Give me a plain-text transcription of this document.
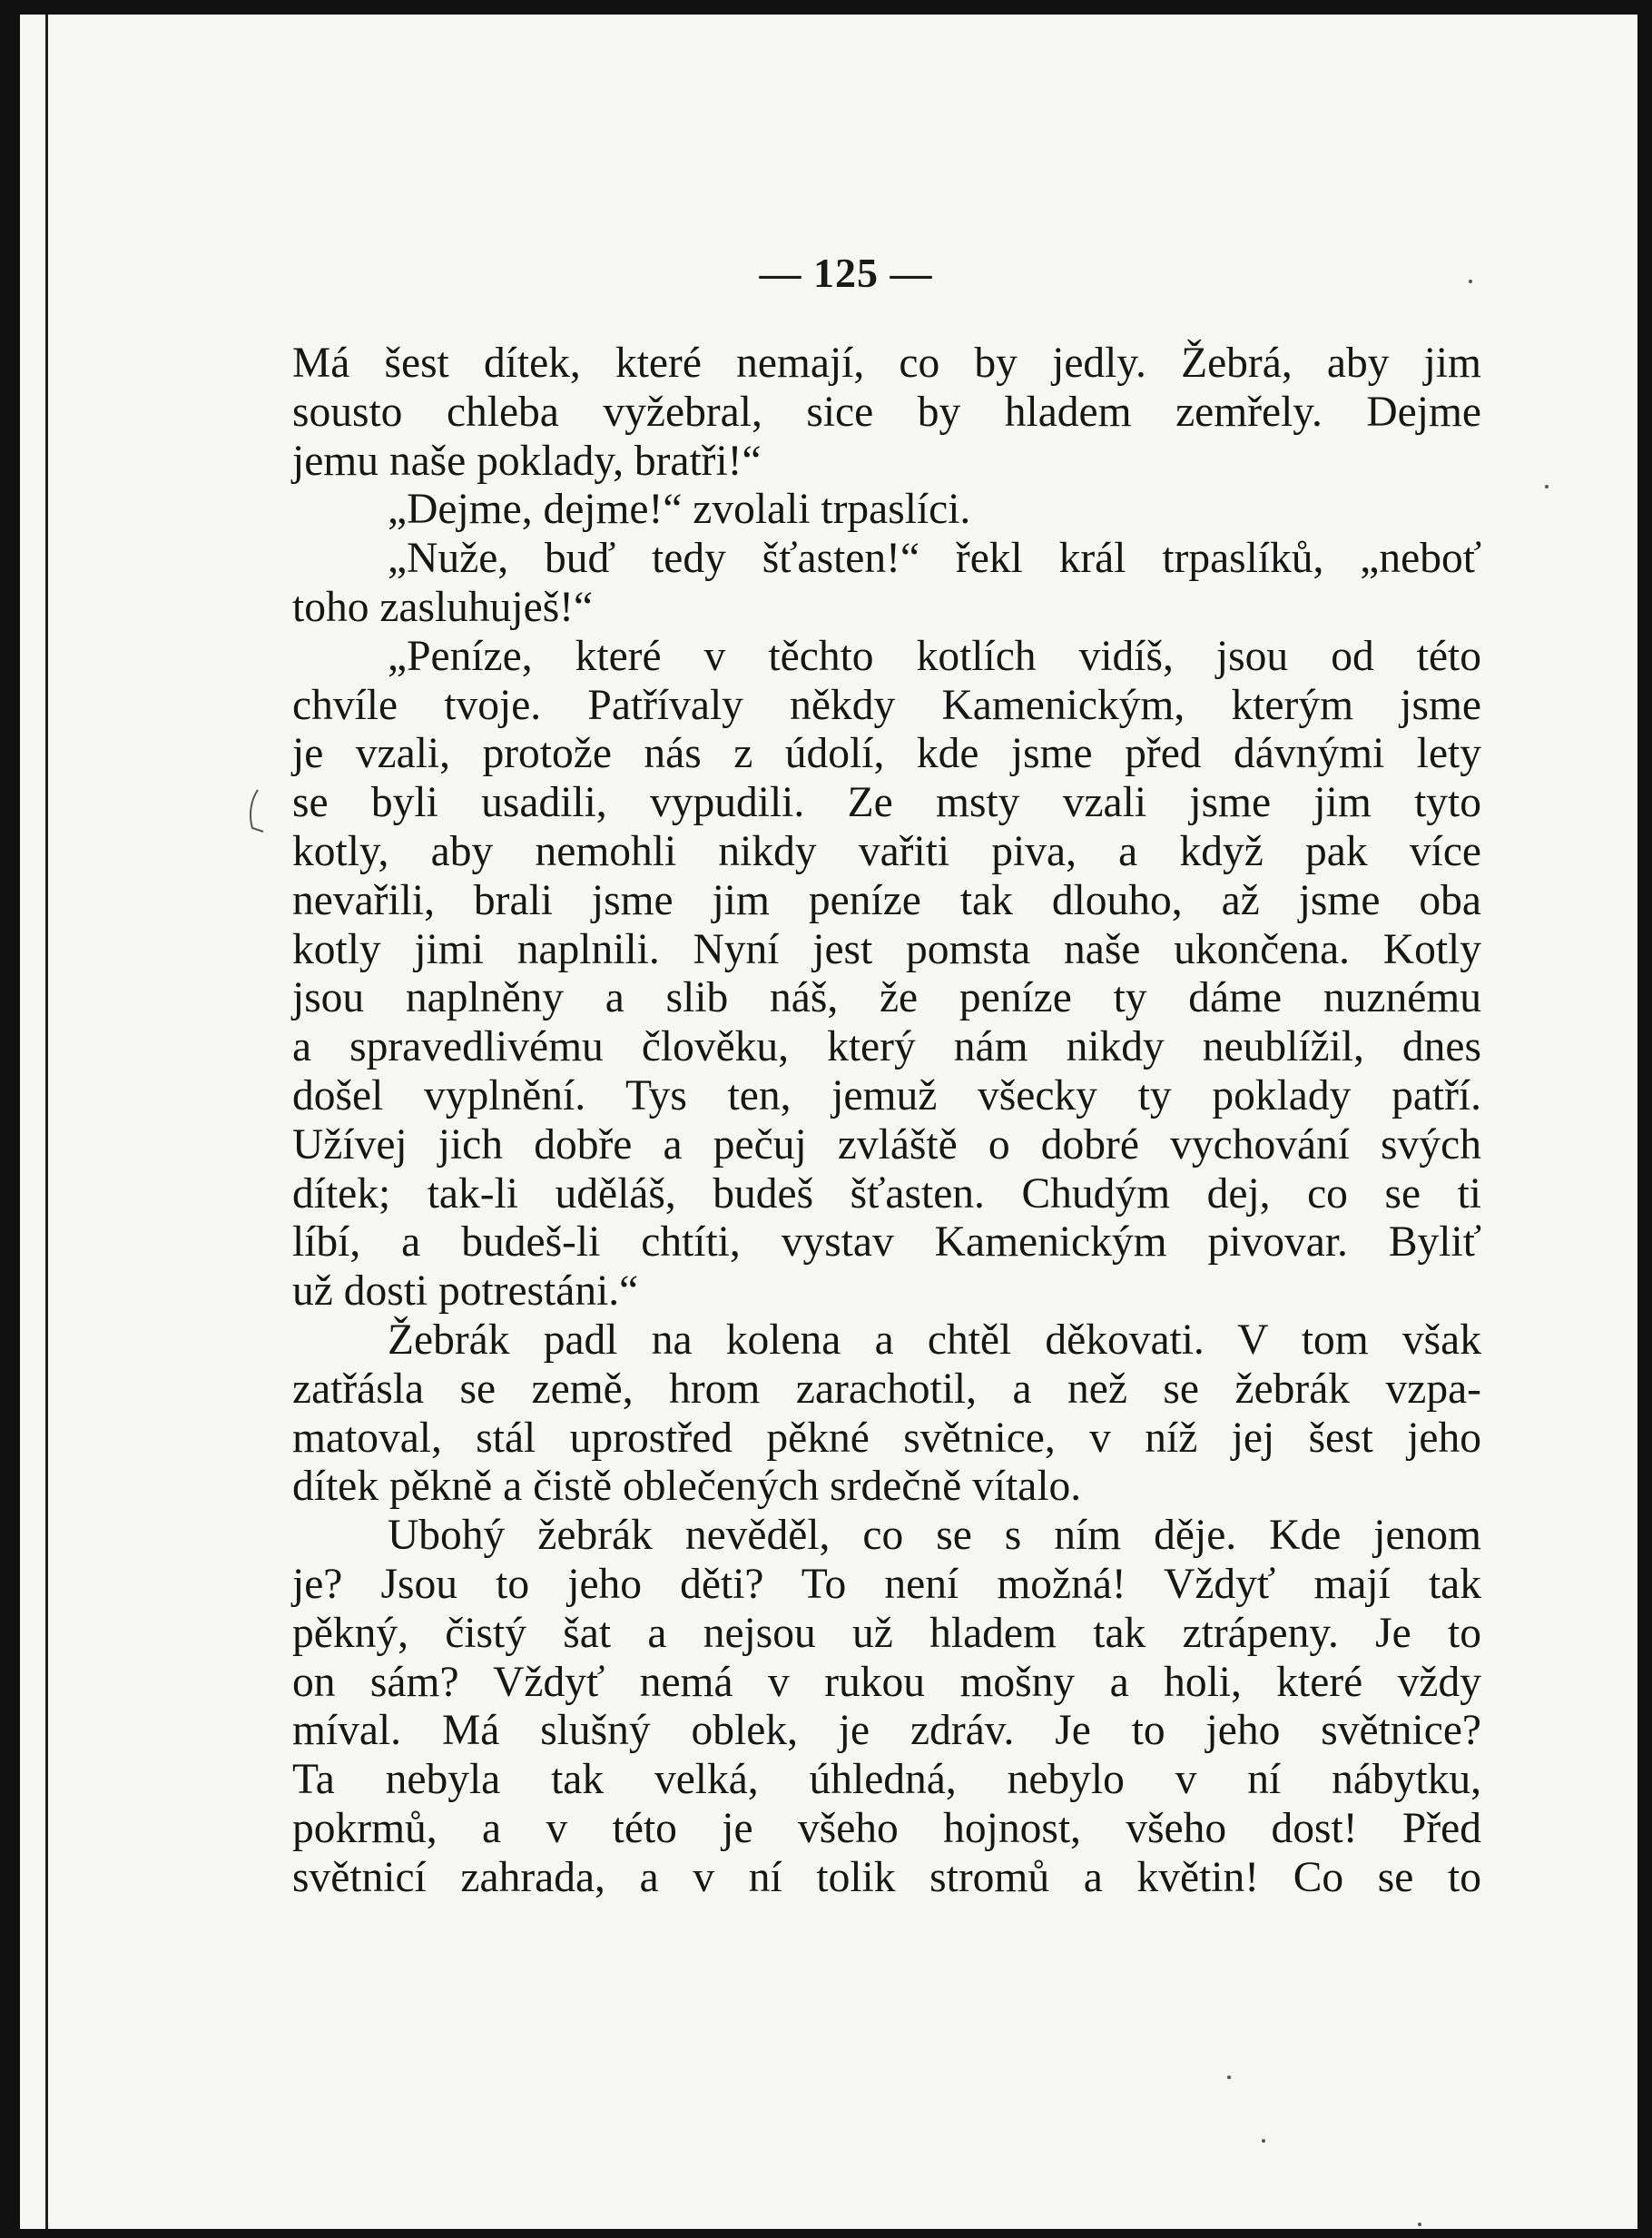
— 125 —
Má šest dítek, které nemají, co by jedly. Žebrá, aby jim
sousto chleba vyžebral, sice by hladem zemřely. Dejme
jemu naše poklady, bratři!“
„Dejme, dejme!“ zvolali trpaslíci.
„Nuže, buď tedy šťasten!“ řekl král trpaslíků, „neboť
toho zasluhuješ!“
„Peníze, které v těchto kotlích vidíš, jsou od této
chvíle tvoje. Patřívaly někdy Kamenickým, kterým jsme
je vzali, protože nás z údolí, kde jsme před dávnými lety
se byli usadili, vypudili. Ze msty vzali jsme jim tyto
kotly, aby nemohli nikdy vařiti piva, a když pak více
nevařili, brali jsme jim peníze tak dlouho, až jsme oba
kotly jimi naplnili. Nyní jest pomsta naše ukončena. Kotly
jsou naplněny a slib náš, že peníze ty dáme nuznému
a spravedlivému člověku, který nám nikdy neublížil, dnes
došel vyplnění. Tys ten, jemuž všecky ty poklady patří.
Užívej jich dobře a pečuj zvláště o dobré vychování svých
dítek; tak-li uděláš, budeš šťasten. Chudým dej, co se ti
líbí, a budeš-li chtíti, vystav Kamenickým pivovar. Byliť
už dosti potrestáni.“
Žebrák padl na kolena a chtěl děkovati. V tom však
zatřásla se země, hrom zarachotil, a než se žebrák vzpa-
matoval, stál uprostřed pěkné světnice, v níž jej šest jeho
dítek pěkně a čistě oblečených srdečně vítalo.
Ubohý žebrák nevěděl, co se s ním děje. Kde jenom
je? Jsou to jeho děti? To není možná! Vždyť mají tak
pěkný, čistý šat a nejsou už hladem tak ztrápeny. Je to
on sám? Vždyť nemá v rukou mošny a holi, které vždy
míval. Má slušný oblek, je zdráv. Je to jeho světnice?
Ta nebyla tak velká, úhledná, nebylo v ní nábytku,
pokrmů, a v této je všeho hojnost, všeho dost! Před
světnicí zahrada, a v ní tolik stromů a květin! Co se to
